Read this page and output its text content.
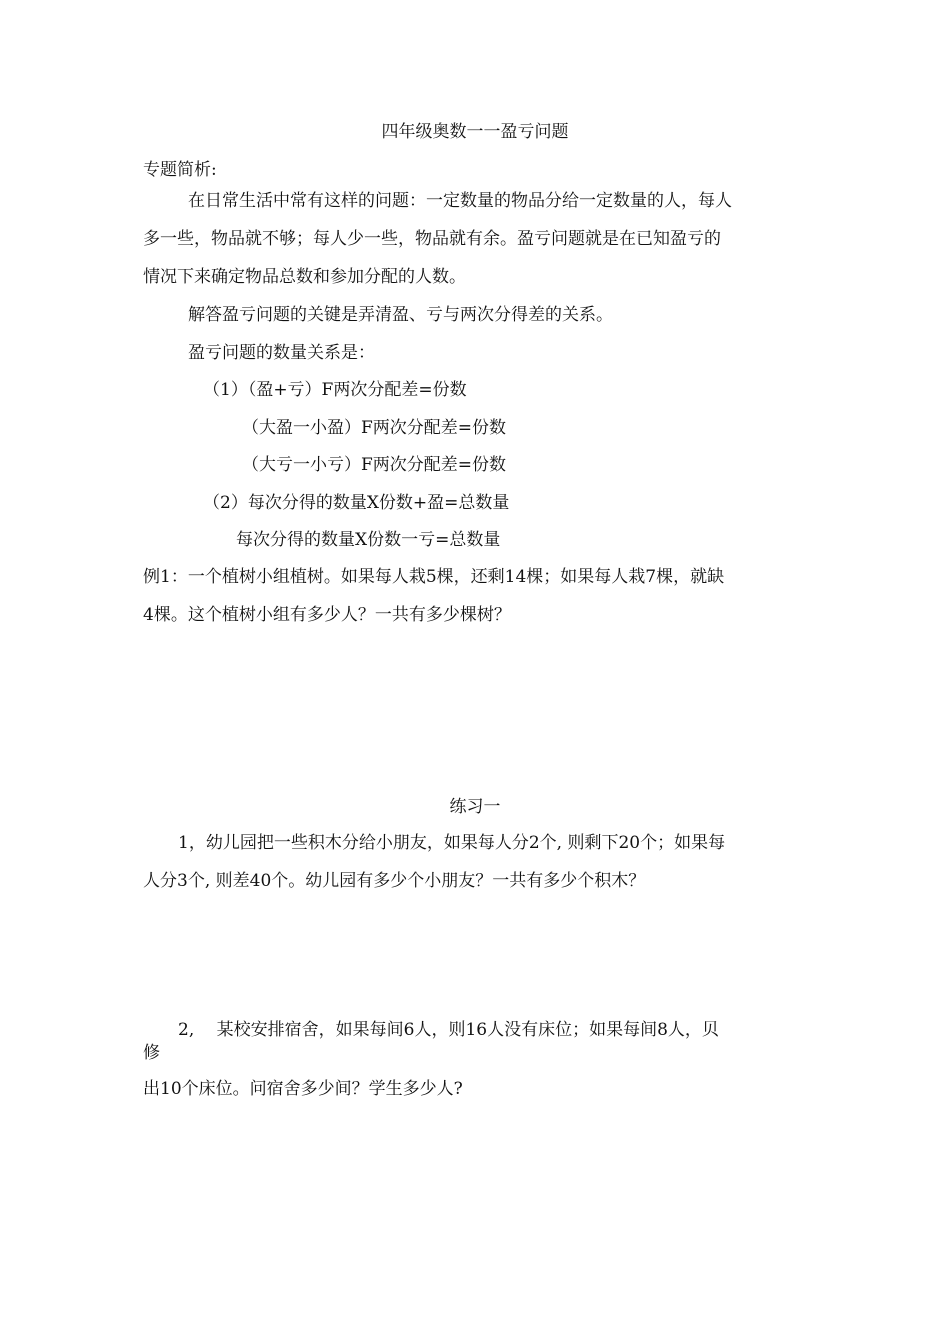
四年级奥数一一盈亏问题
专题简析:
在日常生活中常有这样的问题：一定数量的物品分给一定数量的人，每人
多一些，物品就不够；每人少一些，物品就有余。盈亏问题就是在已知盈亏的
情况下来确定物品总数和参加分配的人数。
解答盈亏问题的关键是弄清盈、亏与两次分得差的关系。
盈亏问题的数量关系是：
（1）（盈+亏）F两次分配差=份数
（大盈一小盈）F两次分配差=份数
（大亏一小亏）F两次分配差=份数
（2）每次分得的数量X份数+盈=总数量
每次分得的数量X份数一亏=总数量
例1：一个植树小组植树。如果每人栽5棵，还剩14棵；如果每人栽7棵，就缺
4棵。这个植树小组有多少人？一共有多少棵树？
练习一
1，幼儿园把一些积木分给小朋友，如果每人分2个, 则剩下20个；如果每
人分3个, 则差40个。幼儿园有多少个小朋友？一共有多少个积木？
2,　 某校安排宿舍，如果每间6人，则16人没有床位；如果每间8人，贝
修
出10个床位。问宿舍多少间？学生多少人?
